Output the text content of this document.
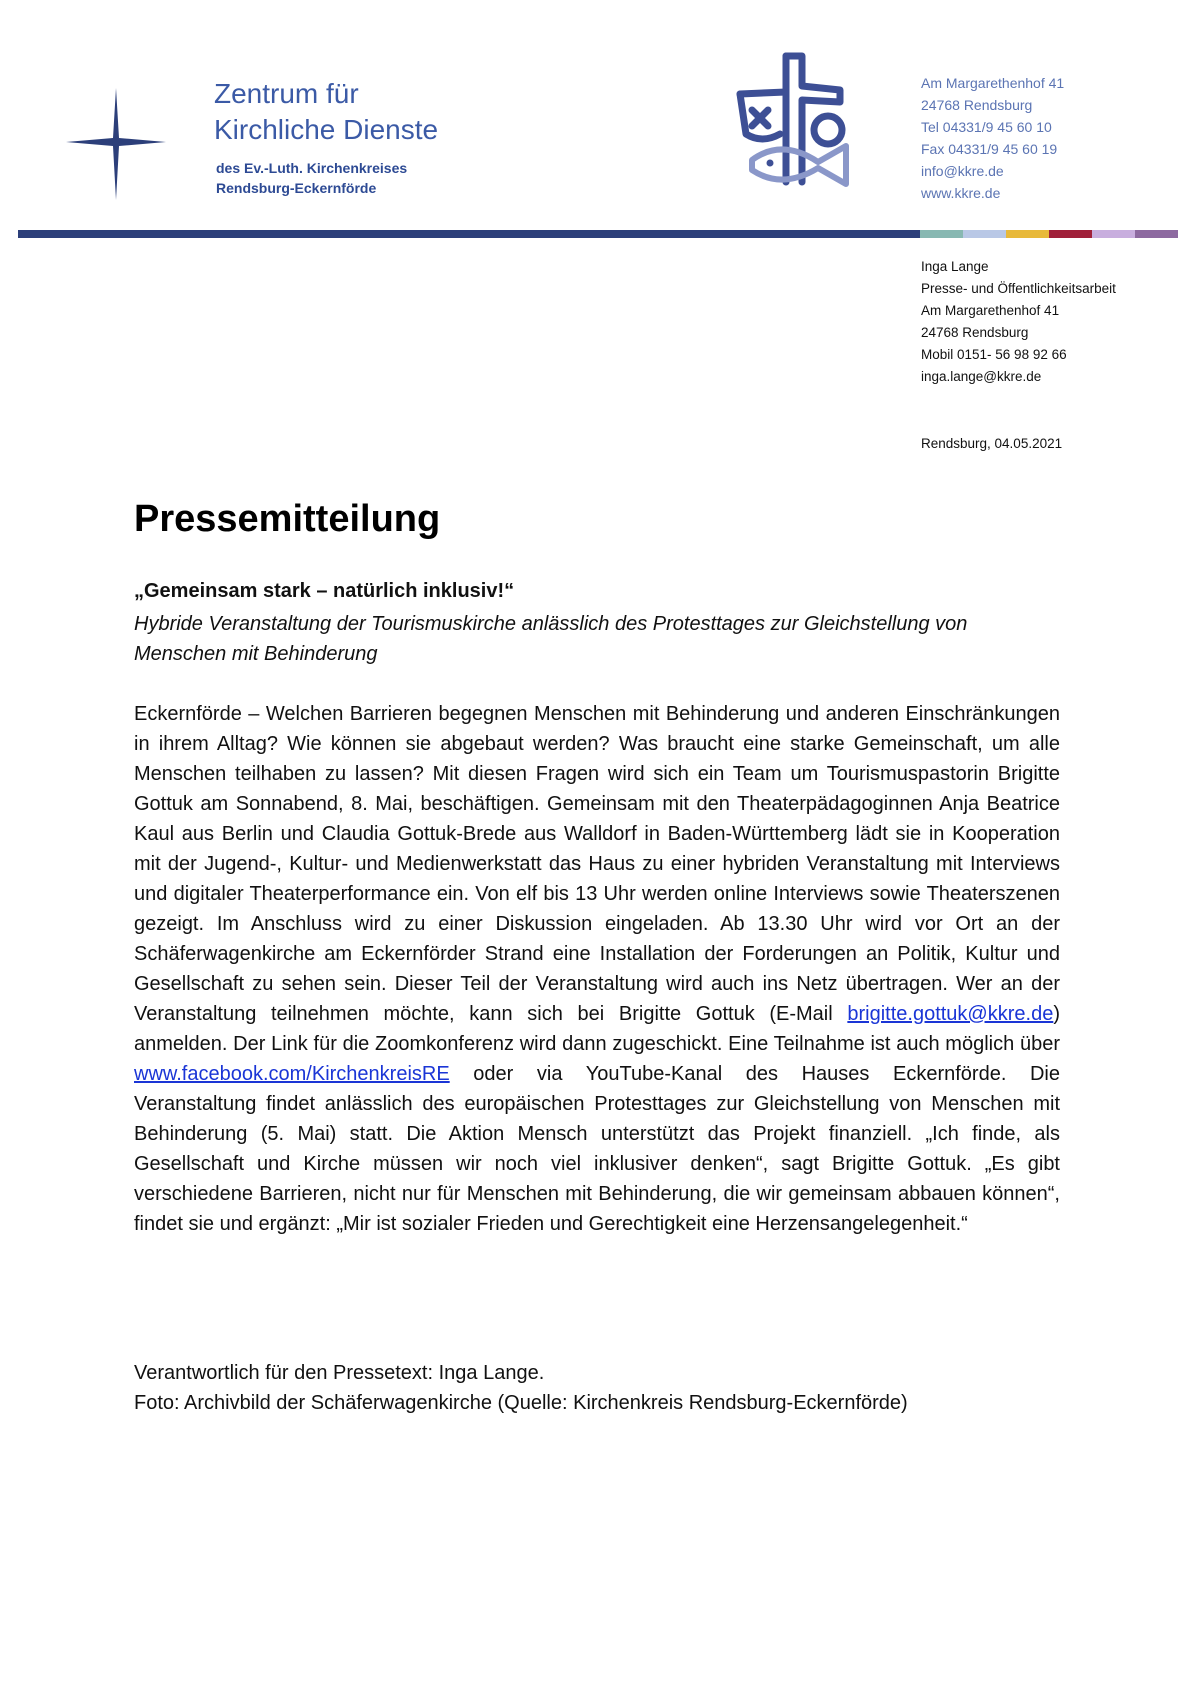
Zentrum für
Kirchliche Dienste
des Ev.-Luth. Kirchenkreises
Rendsburg-Eckernförde
Am Margarethenhof 41
24768 Rendsburg
Tel 04331/9 45 60 10
Fax 04331/9 45 60 19
info@kkre.de
www.kkre.de
Inga Lange
Presse- und Öffentlichkeitsarbeit
Am Margarethenhof 41
24768 Rendsburg
Mobil 0151- 56 98 92 66
inga.lange@kkre.de
Rendsburg, 04.05.2021
Pressemitteilung
„Gemeinsam stark – natürlich inklusiv!“
Hybride Veranstaltung der Tourismuskirche anlässlich des Protesttages zur Gleichstellung von Menschen mit Behinderung
Eckernförde – Welchen Barrieren begegnen Menschen mit Behinderung und anderen Einschränkungen in ihrem Alltag? Wie können sie abgebaut werden? Was braucht eine starke Gemeinschaft, um alle Menschen teilhaben zu lassen? Mit diesen Fragen wird sich ein Team um Tourismuspastorin Brigitte Gottuk am Sonnabend, 8. Mai, beschäftigen. Gemeinsam mit den Theaterpädagoginnen Anja Beatrice Kaul aus Berlin und Claudia Gottuk-Brede aus Walldorf in Baden-Württemberg lädt sie in Kooperation mit der Jugend-, Kultur- und Medienwerkstatt das Haus zu einer hybriden Veranstaltung mit Interviews und digitaler Theaterperformance ein. Von elf bis 13 Uhr werden online Interviews sowie Theaterszenen gezeigt. Im Anschluss wird zu einer Diskussion eingeladen. Ab 13.30 Uhr wird vor Ort an der Schäferwagenkirche am Eckernförder Strand eine Installation der Forderungen an Politik, Kultur und Gesellschaft zu sehen sein. Dieser Teil der Veranstaltung wird auch ins Netz übertragen. Wer an der Veranstaltung teilnehmen möchte, kann sich bei Brigitte Gottuk (E-Mail brigitte.gottuk@kkre.de) anmelden. Der Link für die Zoomkonferenz wird dann zugeschickt. Eine Teilnahme ist auch möglich über www.facebook.com/KirchenkreisRE oder via YouTube-Kanal des Hauses Eckernförde. Die Veranstaltung findet anlässlich des europäischen Protesttages zur Gleichstellung von Menschen mit Behinderung (5. Mai) statt. Die Aktion Mensch unterstützt das Projekt finanziell. „Ich finde, als Gesellschaft und Kirche müssen wir noch viel inklusiver denken“, sagt Brigitte Gottuk. „Es gibt verschiedene Barrieren, nicht nur für Menschen mit Behinderung, die wir gemeinsam abbauen können“, findet sie und ergänzt: „Mir ist sozialer Frieden und Gerechtigkeit eine Herzensangelegenheit.“
Verantwortlich für den Pressetext: Inga Lange.
Foto: Archivbild der Schäferwagenkirche (Quelle: Kirchenkreis Rendsburg-Eckernförde)
